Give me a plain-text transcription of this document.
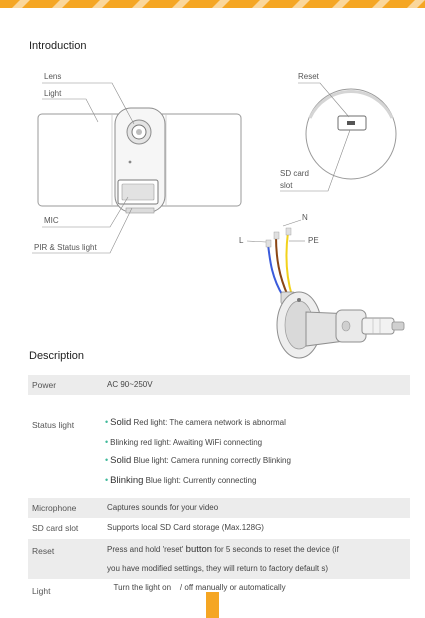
Introduction
Lens
Light
MIC
PIR & Status light
Reset
SD card
slot
N
L	PE
Description
Power	AC 90~250V
Status light	• Solid Red light: The camera network is abnormal
• Blinking red light: Awaiting WiFi connecting
• Solid Blue light: Camera running correctly Blinking
• Blinking Blue light: Currently connecting
Microphone	Captures sounds for your video
SD card slot	Supports local SD Card storage (Max.128G)
Reset	Press and hold 'reset' button for 5 seconds to reset the device (if
you have modified settings, they will return to factory default s)
Light	Turn the light on    / off manually or automatically
